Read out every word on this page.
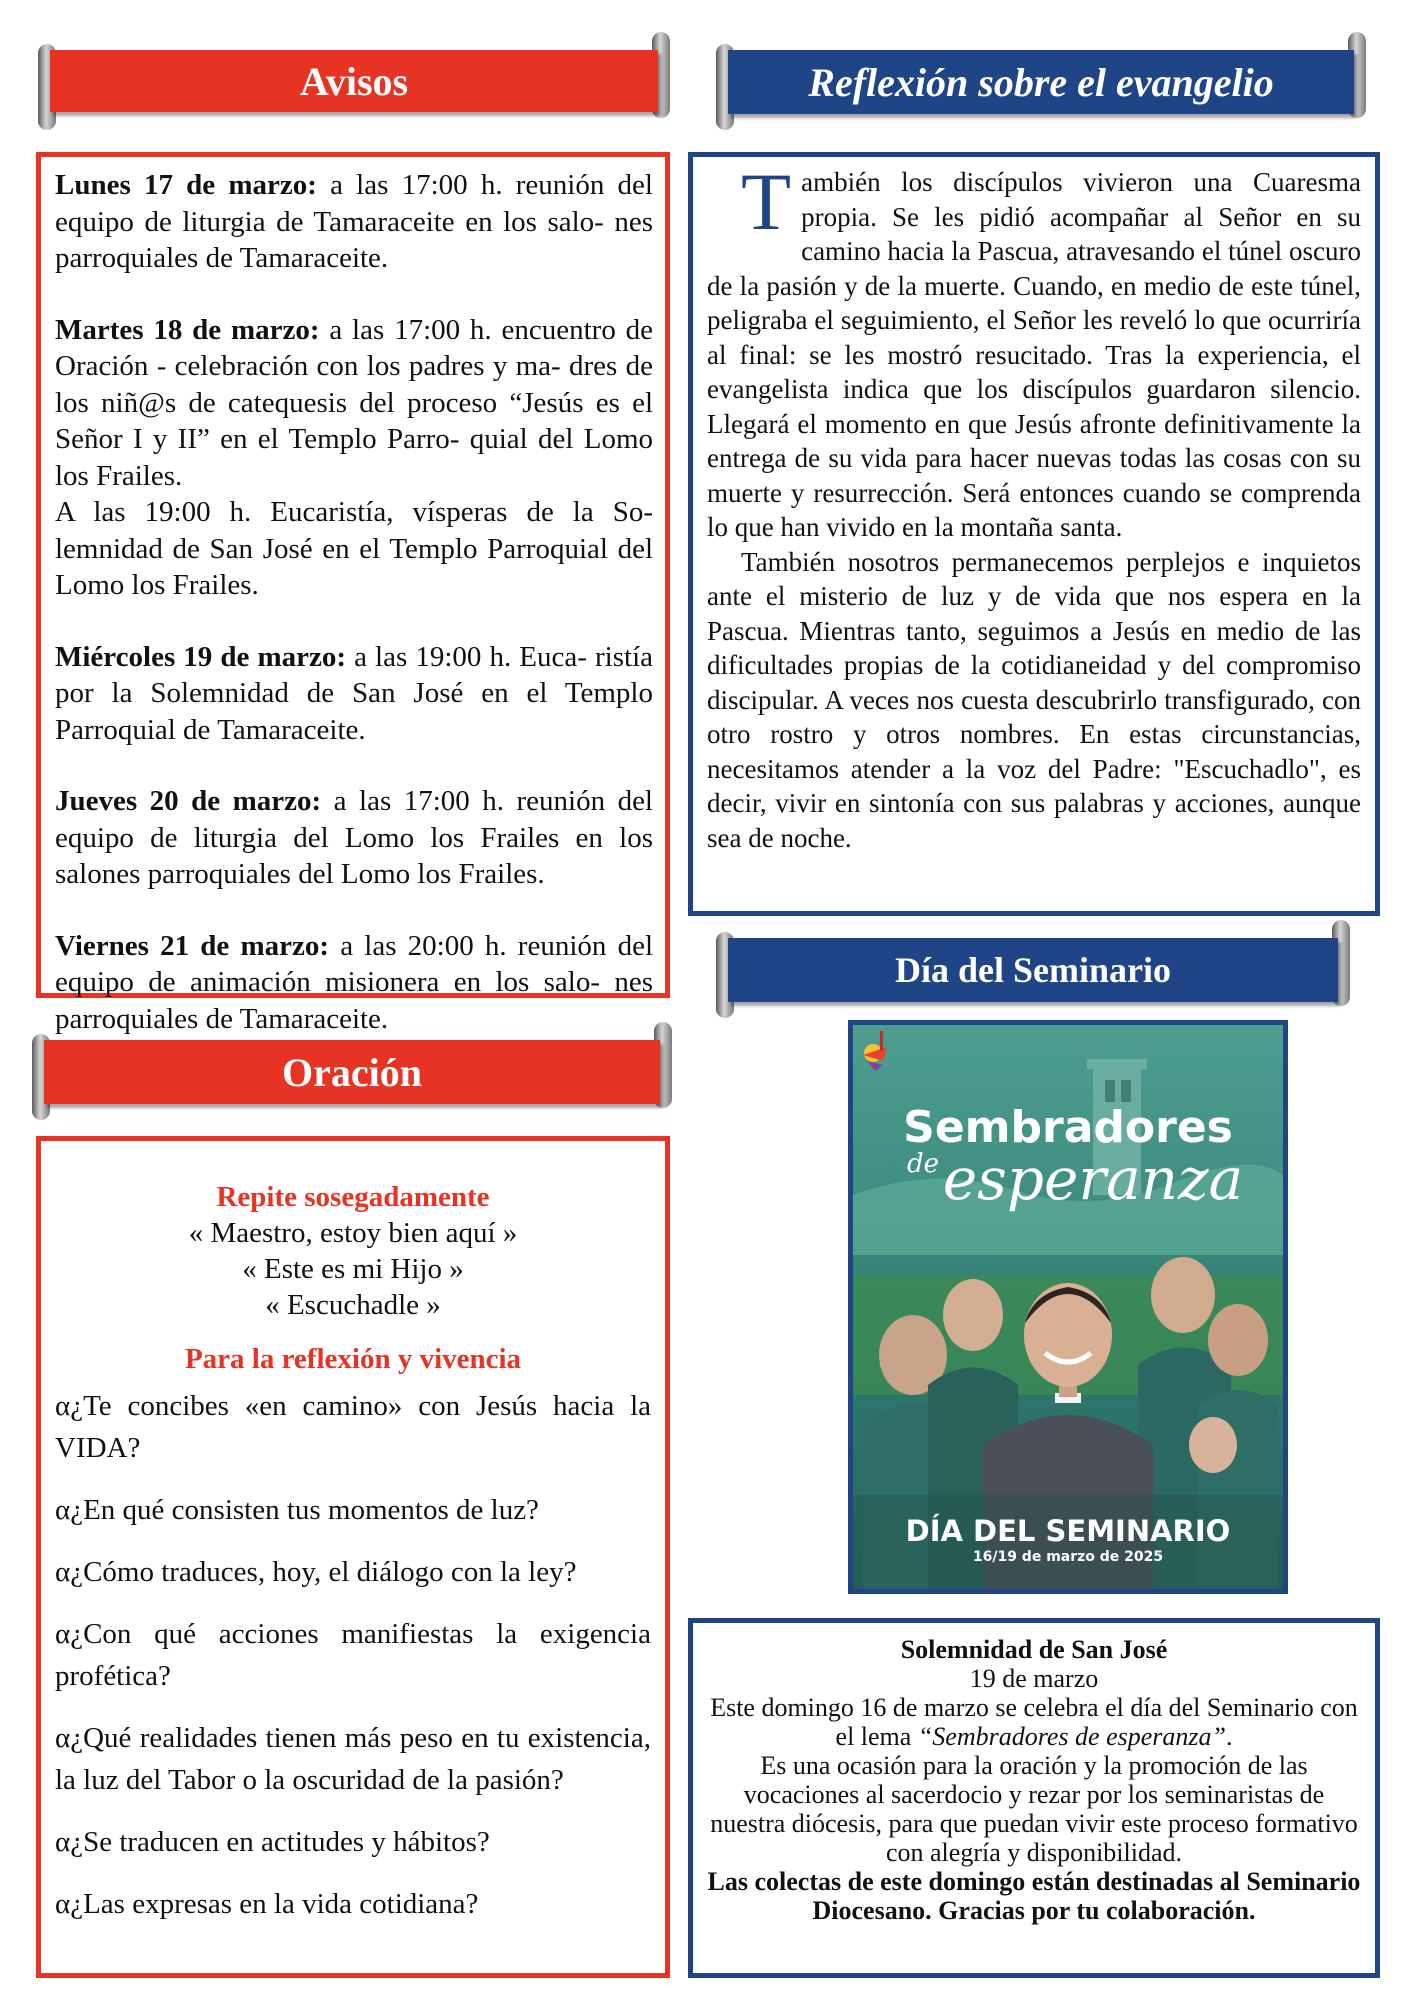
Avisos

Lunes 17 de marzo: a las 17:00 h. reunión del equipo de liturgia de Tamaraceite en los salo- nes parroquiales de Tamaraceite.

Martes 18 de marzo: a las 17:00 h. encuentro de Oración - celebración con los padres y ma- dres de los niñ@s de catequesis del proceso “Jesús es el Señor I y II” en el Templo Parro- quial del Lomo los Frailes.
A las 19:00 h. Eucaristía, vísperas de la So- lemnidad de San José en el Templo Parroquial del Lomo los Frailes.

Miércoles 19 de marzo: a las 19:00 h. Euca- ristía por la Solemnidad de San José en el Templo Parroquial de Tamaraceite.

Jueves 20 de marzo: a las 17:00 h. reunión del equipo de liturgia del Lomo los Frailes en los salones parroquiales del Lomo los Frailes.

Viernes 21 de marzo: a las 20:00 h. reunión del equipo de animación misionera en los salo- nes parroquiales de Tamaraceite.

Oración
Repite sosegadamente
« Maestro, estoy bien aquí »
« Este es mi Hijo »
« Escuchadle »
Para la reflexión y vivencia

α¿Te concibes «en camino» con Jesús hacia la VIDA?

α¿En qué consisten tus momentos de luz?

α¿Cómo traduces, hoy, el diálogo con la ley?

α¿Con qué acciones manifiestas la exigencia profética?

α¿Qué realidades tienen más peso en tu existencia, la luz del Tabor o la oscuridad de la pasión?

α¿Se traducen en actitudes y hábitos?

α¿Las expresas en la vida cotidiana?

Reflexión sobre el evangelio

También los discípulos vivieron una Cuaresma propia. Se les pidió acompañar al Señor en su camino hacia la Pascua, atravesando el túnel oscuro de la pasión y de la muerte. Cuando, en medio de este túnel, peligraba el seguimiento, el Señor les reveló lo que ocurriría al final: se les mostró resucitado. Tras la experiencia, el evangelista indica que los discípulos guardaron silencio. Llegará el momento en que Jesús afronte definitivamente la entrega de su vida para hacer nuevas todas las cosas con su muerte y resurrección. Será entonces cuando se comprenda lo que han vivido en la montaña santa.

También nosotros permanecemos perplejos e inquietos ante el misterio de luz y de vida que nos espera en la Pascua. Mientras tanto, seguimos a Jesús en medio de las dificultades propias de la cotidianeidad y del compromiso discipular. A veces nos cuesta descubrirlo transfigurado, con otro rostro y otros nombres. En estas circunstancias, necesitamos atender a la voz del Padre: "Escuchadlo", es decir, vivir en sintonía con sus palabras y acciones, aunque sea de noche.

Día del Seminario
Sembradores
de esperanza
DÍA DEL SEMINARIO
16/19 de marzo de 2025

Solemnidad de San José

19 de marzo

Este domingo 16 de marzo se celebra el día del Seminario con el lema “Sembradores de esperanza”.

Es una ocasión para la oración y la promoción de las vocaciones al sacerdocio y rezar por los seminaristas de nuestra diócesis, para que puedan vivir este proceso formativo con alegría y disponibilidad.

Las colectas de este domingo están destinadas al Seminario Diocesano. Gracias por tu colaboración.
